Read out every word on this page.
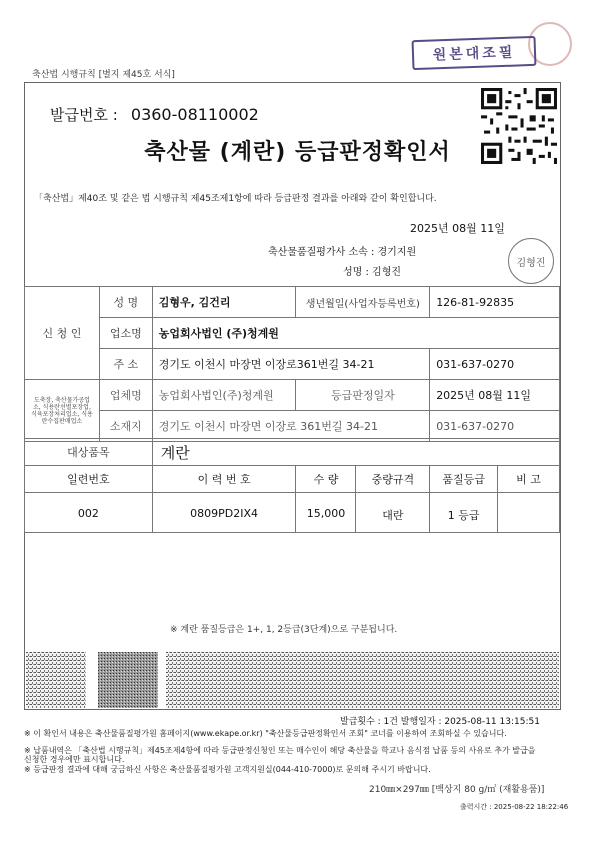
축산법 시행규칙 [별지 제45호 서식]
원본대조필
발급번호 : 0360-08110002
축산물 (계란) 등급판정확인서
「축산법」제40조 및 같은 법 시행규칙 제45조제1항에 따라 등급판정 결과를 아래와 같이 확인합니다.
2025년 08월 11일
축산물품질평가사 소속 : 경기지원
성명 : 김형진
김형진
신 청 인	성 명	김형우, 김건리	생년월일(사업자등록번호)	126-81-92835
	업소명	농업회사법인 (주)청계원		
	주 소	경기도 이천시 마장면 이장로361번길 34-21		031-637-0270
도축장, 축산물가공업소, 식용란선별포장업, 식육포장처리업소, 식용란수집판매업소	업체명	농업회사법인(주)청계원	등급판정일자	2025년 08월 11일
	소재지	경기도 이천시 마장면 이장로 361번길 34-21		031-637-0270
대상품목	계란				
일련번호	이 력 번 호	수 량	중량규격	품질등급	비 고
002	0809PD2IX4	15,000	대란	1 등급	
※ 계란 품질등급은 1+, 1, 2등급(3단계)으로 구분됩니다.
발급횟수 : 1건 발행일자 : 2025-08-11 13:15:51
※ 이 확인서 내용은 축산물품질평가원 홈페이지(www.ekape.or.kr) "축산물등급판정확인서 조회" 코너를 이용하여 조회하실 수 있습니다.
※ 납품내역은 「축산법 시행규칙」제45조제4항에 따라 등급판정신청인 또는 매수인이 해당 축산물을 학교나 음식점 납품 등의 사유로 추가 발급을 신청한 경우에만 표시합니다.
※ 등급판정 결과에 대해 궁금하신 사항은 축산물품질평가원 고객지원실(044-410-7000)로 문의해 주시기 바랍니다.
210㎜×297㎜ [백상지 80 g/㎡ (재활용품)]
출력시간 : 2025-08-22 18:22:46
